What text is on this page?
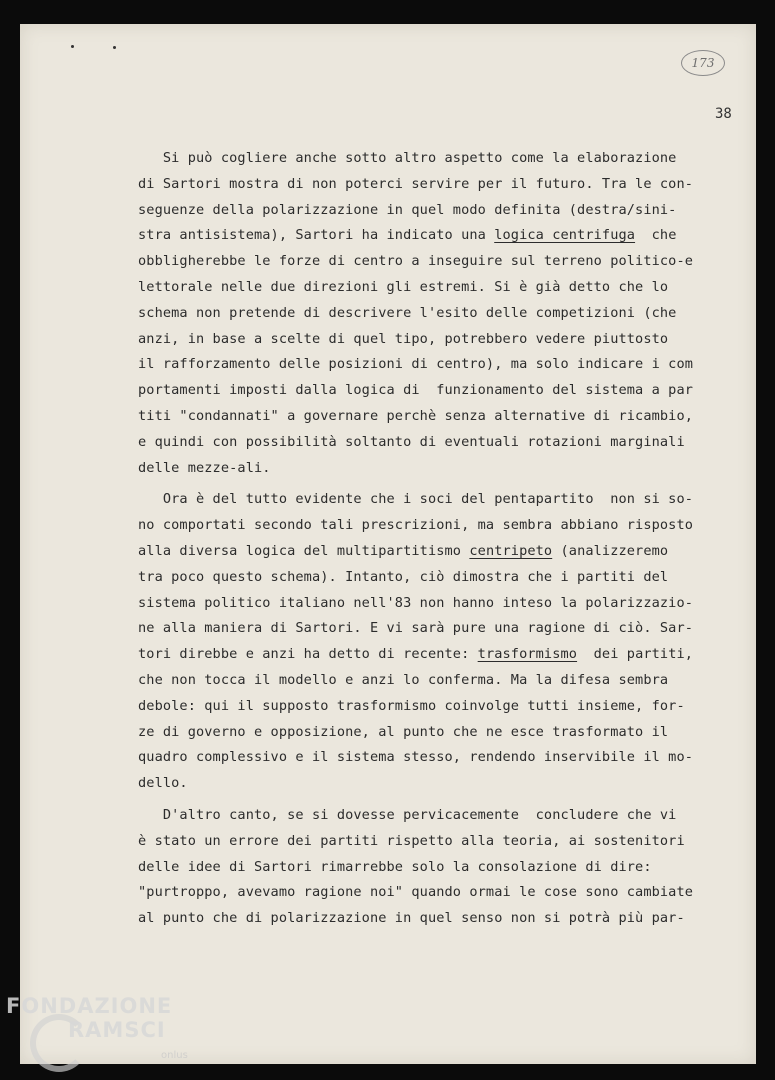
173
38
Si può cogliere anche sotto altro aspetto come la elaborazione
di Sartori mostra di non poterci servire per il futuro. Tra le con-
seguenze della polarizzazione in quel modo definita (destra/sini-
stra antisistema), Sartori ha indicato una logica centrifuga  che
obbligherebbe le forze di centro a inseguire sul terreno politico-e
lettorale nelle due direzioni gli estremi. Si è già detto che lo
schema non pretende di descrivere l'esito delle competizioni (che
anzi, in base a scelte di quel tipo, potrebbero vedere piuttosto
il rafforzamento delle posizioni di centro), ma solo indicare i com
portamenti imposti dalla logica di  funzionamento del sistema a par
titi "condannati" a governare perchè senza alternative di ricambio,
e quindi con possibilità soltanto di eventuali rotazioni marginali
delle mezze-ali.
Ora è del tutto evidente che i soci del pentapartito  non si so-
no comportati secondo tali prescrizioni, ma sembra abbiano risposto
alla diversa logica del multipartitismo centripeto (analizzeremo
tra poco questo schema). Intanto, ciò dimostra che i partiti del
sistema politico italiano nell'83 non hanno inteso la polarizzazio-
ne alla maniera di Sartori. E vi sarà pure una ragione di ciò. Sar-
tori direbbe e anzi ha detto di recente: trasformismo  dei partiti,
che non tocca il modello e anzi lo conferma. Ma la difesa sembra
debole: qui il supposto trasformismo coinvolge tutti insieme, for-
ze di governo e opposizione, al punto che ne esce trasformato il
quadro complessivo e il sistema stesso, rendendo inservibile il mo-
dello.
D'altro canto, se si dovesse pervicacemente  concludere che vi
è stato un errore dei partiti rispetto alla teoria, ai sostenitori
delle idee di Sartori rimarrebbe solo la consolazione di dire:
"purtroppo, avevamo ragione noi" quando ormai le cose sono cambiate
al punto che di polarizzazione in quel senso non si potrà più par-
FONDAZIONE
RAMSCI
onlus
